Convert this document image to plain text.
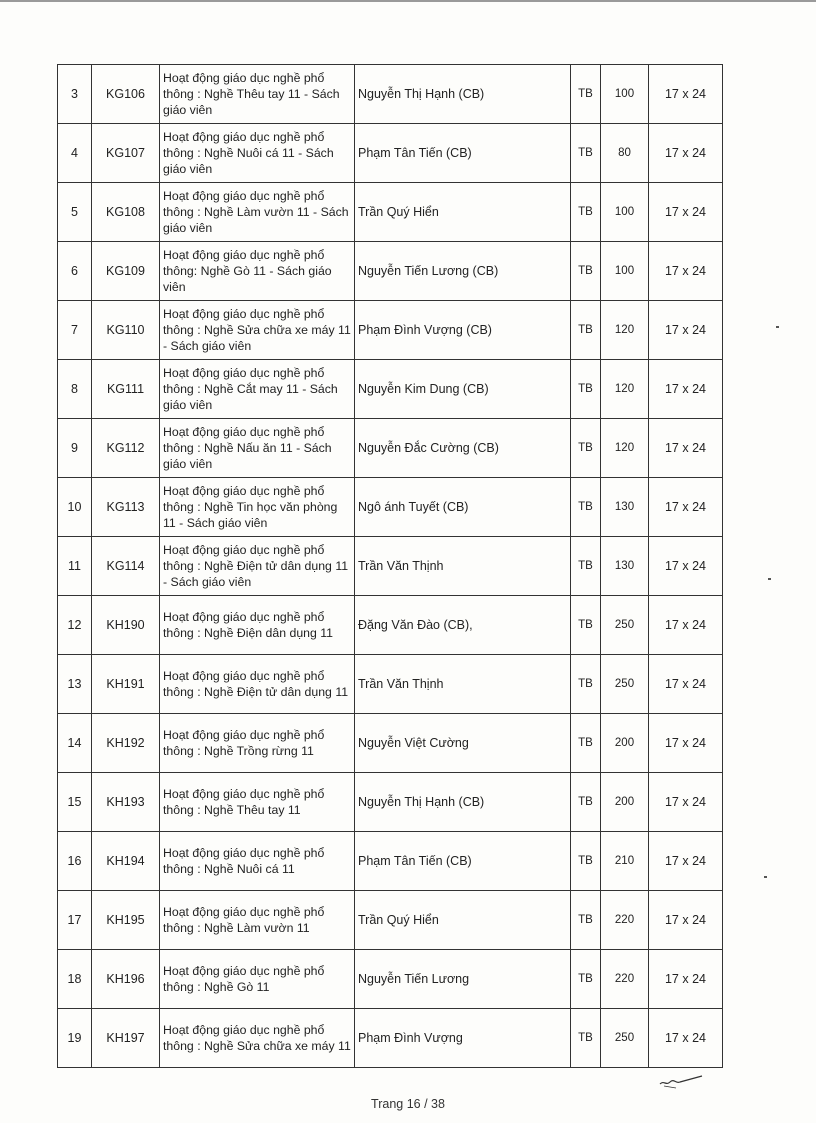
3	KG106	Hoạt động giáo dục nghề phổ thông : Nghề Thêu tay 11 - Sách giáo viên	Nguyễn Thị Hạnh (CB)	TB	100	17 x 24
4	KG107	Hoạt động giáo dục nghề phổ thông : Nghề Nuôi cá 11 - Sách giáo viên	Phạm Tân Tiến (CB)	TB	80	17 x 24
5	KG108	Hoạt động giáo dục nghề phổ thông : Nghề Làm vườn 11 - Sách giáo viên	Trần Quý Hiển	TB	100	17 x 24
6	KG109	Hoạt động giáo dục nghề phổ thông: Nghề Gò 11 - Sách giáo viên	Nguyễn Tiến Lương (CB)	TB	100	17 x 24
7	KG110	Hoạt động giáo dục nghề phổ thông : Nghề Sửa chữa xe máy 11 - Sách giáo viên	Phạm Đình Vượng (CB)	TB	120	17 x 24
8	KG111	Hoạt động giáo dục nghề phổ thông : Nghề Cắt may 11 - Sách giáo viên	Nguyễn Kim Dung (CB)	TB	120	17 x 24
9	KG112	Hoạt động giáo dục nghề phổ thông : Nghề Nấu ăn 11 - Sách giáo viên	Nguyễn Đắc Cường (CB)	TB	120	17 x 24
10	KG113	Hoạt động giáo dục nghề phổ thông : Nghề Tin học văn phòng 11 - Sách giáo viên	Ngô ánh Tuyết (CB)	TB	130	17 x 24
11	KG114	Hoạt động giáo dục nghề phổ thông : Nghề Điện tử dân dụng 11 - Sách giáo viên	Trần Văn Thịnh	TB	130	17 x 24
12	KH190	Hoạt động giáo dục nghề phổ thông : Nghề Điện dân dụng 11	Đặng Văn Đào (CB),	TB	250	17 x 24
13	KH191	Hoạt động giáo dục nghề phổ thông : Nghề Điện tử dân dụng 11	Trần Văn Thịnh	TB	250	17 x 24
14	KH192	Hoạt động giáo dục nghề phổ thông : Nghề Trồng rừng 11	Nguyễn Việt Cường	TB	200	17 x 24
15	KH193	Hoạt động giáo dục nghề phổ thông : Nghề Thêu tay 11	Nguyễn Thị Hạnh (CB)	TB	200	17 x 24
16	KH194	Hoạt động giáo dục nghề phổ thông : Nghề Nuôi cá 11	Phạm Tân Tiến (CB)	TB	210	17 x 24
17	KH195	Hoạt động giáo dục nghề phổ thông : Nghề Làm vườn 11	Trần Quý Hiển	TB	220	17 x 24
18	KH196	Hoạt động giáo dục nghề phổ thông : Nghề Gò 11	Nguyễn Tiến Lương	TB	220	17 x 24
19	KH197	Hoạt động giáo dục nghề phổ thông : Nghề Sửa chữa xe máy 11	Phạm Đình Vượng	TB	250	17 x 24
Trang 16 / 38
